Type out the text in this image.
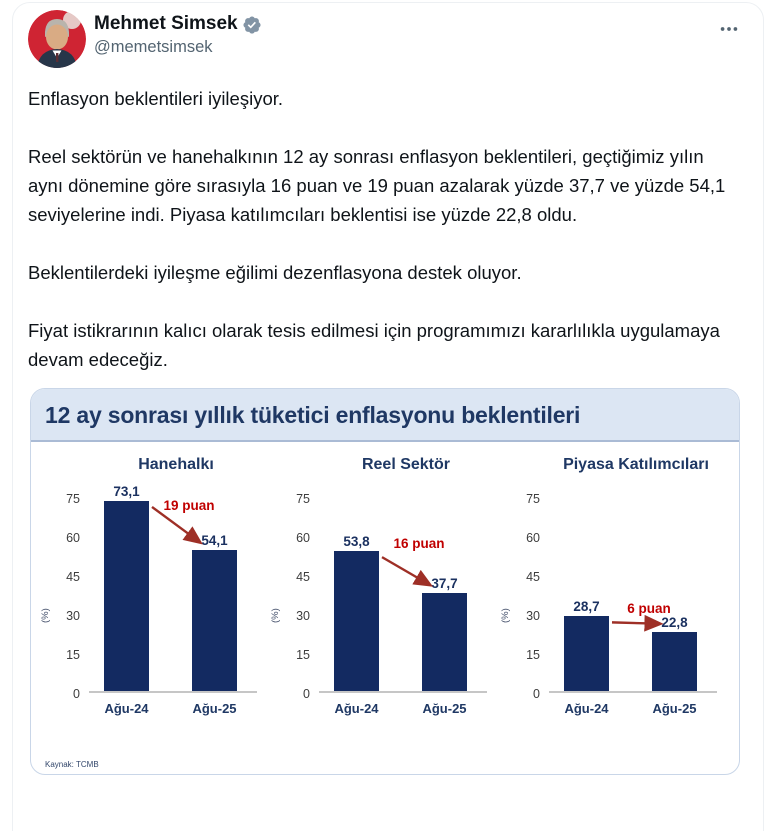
Mehmet Simsek
@memetsimsek

Enflasyon beklentileri iyileşiyor.

Reel sektörün ve hanehalkının 12 ay sonrası enflasyon beklentileri, geçtiğimiz yılın aynı dönemine göre sırasıyla 16 puan ve 19 puan azalarak yüzde 37,7 ve yüzde 54,1 seviyelerine indi. Piyasa katılımcıları beklentisi ise yüzde 22,8 oldu.

Beklentilerdeki iyileşme eğilimi dezenflasyona destek oluyor.

Fiyat istikrarının kalıcı olarak tesis edilmesi için programımızı kararlılıkla uygulamaya devam edeceğiz.

12 ay sonrası yıllık tüketici enflasyonu beklentileri
Hanehalkı
(%)
0
15
30
45
60
75
73,1
Ağu-24
54,1
Ağu-25
19 puan
Reel Sektör
(%)
0
15
30
45
60
75
53,8
Ağu-24
37,7
Ağu-25
16 puan
Piyasa Katılımcıları
(%)
0
15
30
45
60
75
28,7
Ağu-24
22,8
Ağu-25
6 puan
Kaynak: TCMB
